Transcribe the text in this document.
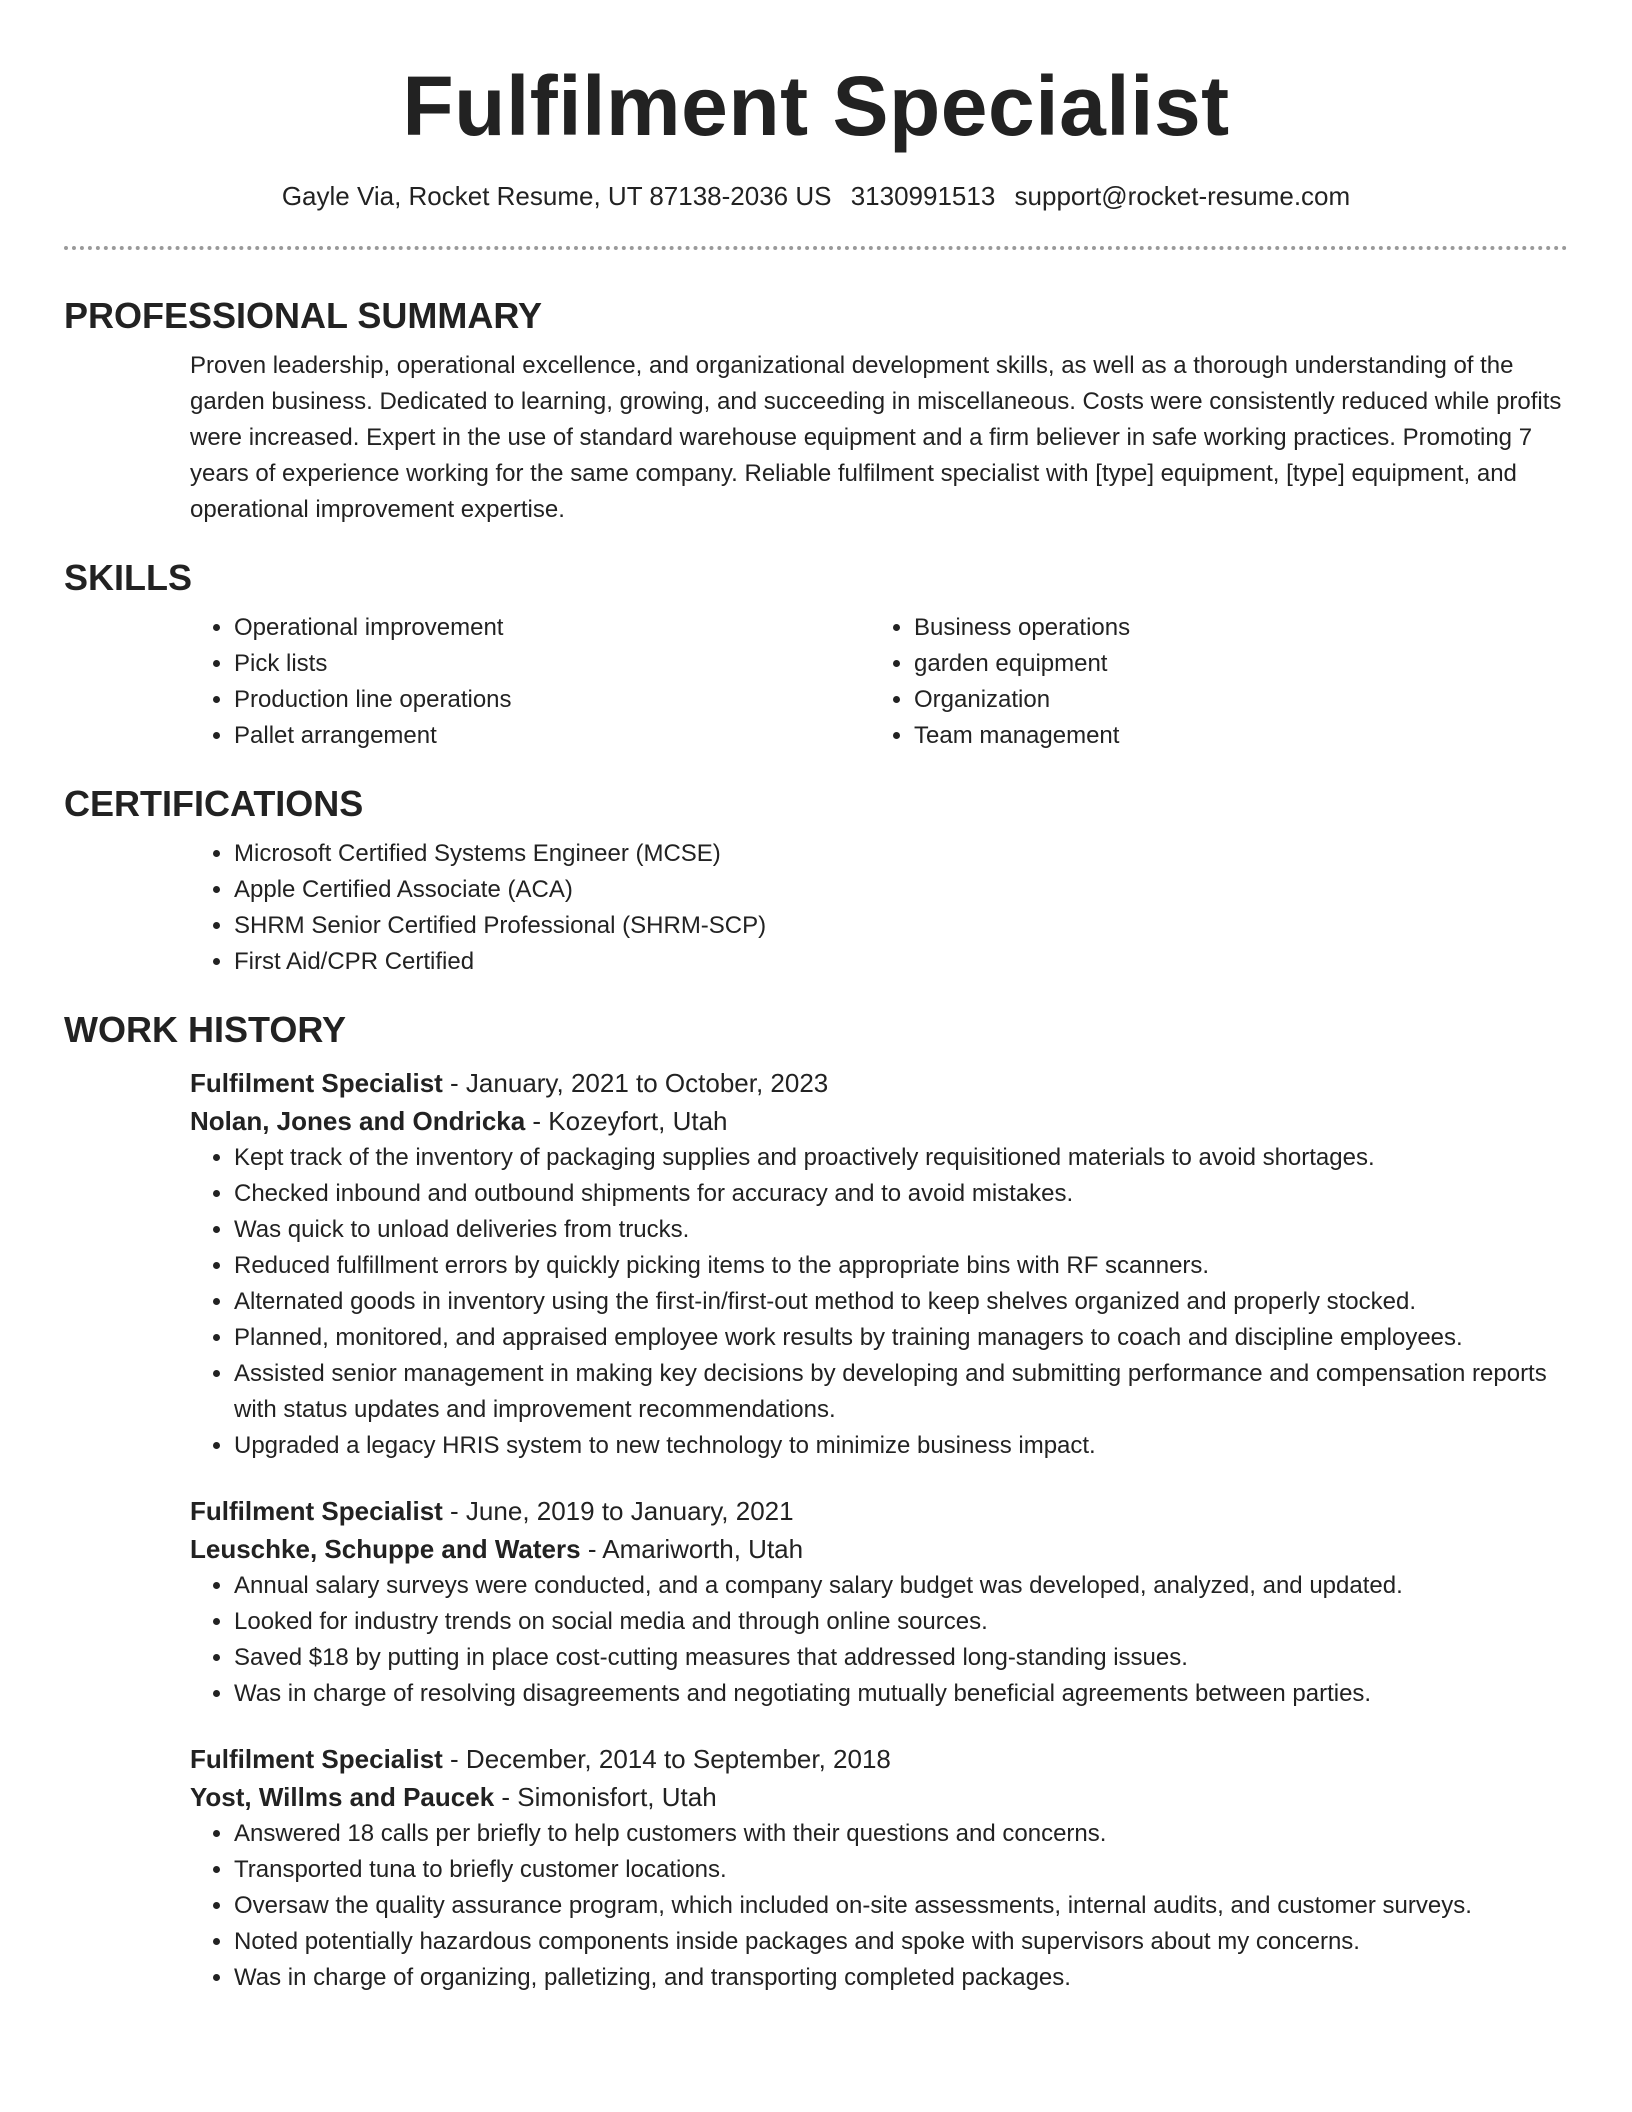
Fulfilment Specialist
Gayle Via, Rocket Resume, UT 87138-2036 US 3130991513 support@rocket-resume.com
PROFESSIONAL SUMMARY

Proven leadership, operational excellence, and organizational development skills, as well as a thorough understanding of the garden business. Dedicated to learning, growing, and succeeding in miscellaneous. Costs were consistently reduced while profits were increased. Expert in the use of standard warehouse equipment and a firm believer in safe working practices. Promoting 7 years of experience working for the same company. Reliable fulfilment specialist with [type] equipment, [type] equipment, and operational improvement expertise.

SKILLS
• Operational improvement
• Pick lists
• Production line operations
• Pallet arrangement
• Business operations
• garden equipment
• Organization
• Team management
CERTIFICATIONS
• Microsoft Certified Systems Engineer (MCSE)
• Apple Certified Associate (ACA)
• SHRM Senior Certified Professional (SHRM-SCP)
• First Aid/CPR Certified
WORK HISTORY

Fulfilment Specialist - January, 2021 to October, 2023

Nolan, Jones and Ondricka - Kozeyfort, Utah

• Kept track of the inventory of packaging supplies and proactively requisitioned materials to avoid shortages.
• Checked inbound and outbound shipments for accuracy and to avoid mistakes.
• Was quick to unload deliveries from trucks.
• Reduced fulfillment errors by quickly picking items to the appropriate bins with RF scanners.
• Alternated goods in inventory using the first-in/first-out method to keep shelves organized and properly stocked.
• Planned, monitored, and appraised employee work results by training managers to coach and discipline employees.
• Assisted senior management in making key decisions by developing and submitting performance and compensation reports with status updates and improvement recommendations.
• Upgraded a legacy HRIS system to new technology to minimize business impact.

Fulfilment Specialist - June, 2019 to January, 2021

Leuschke, Schuppe and Waters - Amariworth, Utah

• Annual salary surveys were conducted, and a company salary budget was developed, analyzed, and updated.
• Looked for industry trends on social media and through online sources.
• Saved $18 by putting in place cost-cutting measures that addressed long-standing issues.
• Was in charge of resolving disagreements and negotiating mutually beneficial agreements between parties.

Fulfilment Specialist - December, 2014 to September, 2018

Yost, Willms and Paucek - Simonisfort, Utah

• Answered 18 calls per briefly to help customers with their questions and concerns.
• Transported tuna to briefly customer locations.
• Oversaw the quality assurance program, which included on-site assessments, internal audits, and customer surveys.
• Noted potentially hazardous components inside packages and spoke with supervisors about my concerns.
• Was in charge of organizing, palletizing, and transporting completed packages.
